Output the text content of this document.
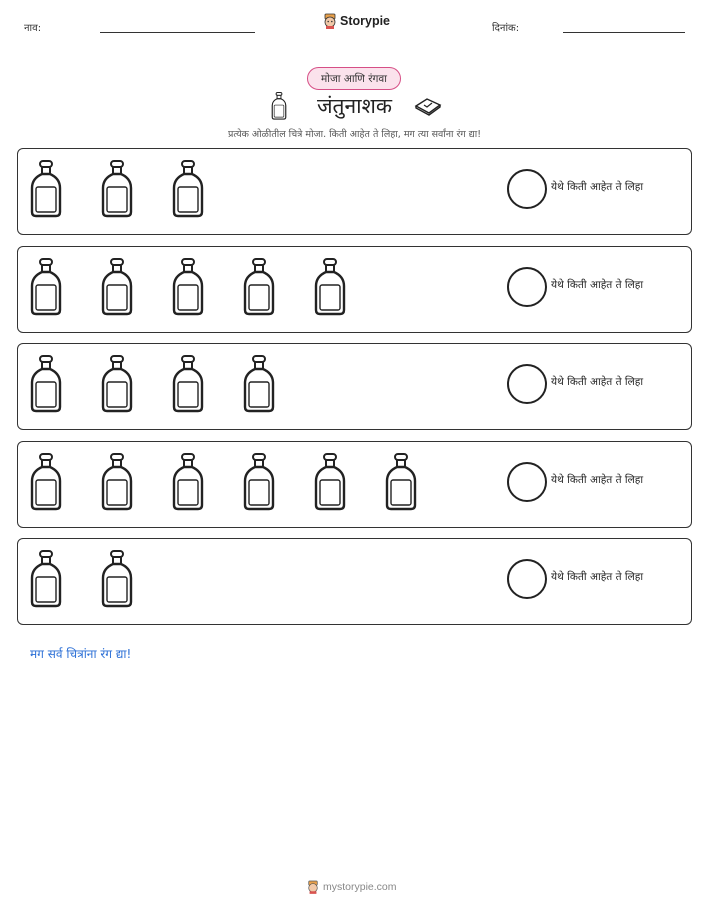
नाव:
Storypie
दिनांक:
मोजा आणि रंगवा
जंतुनाशक
प्रत्येक ओळीतील चित्रे मोजा. किती आहेत ते लिहा, मग त्या सर्वांना रंग द्या!
येथे किती आहेत ते लिहा
येथे किती आहेत ते लिहा
येथे किती आहेत ते लिहा
येथे किती आहेत ते लिहा
येथे किती आहेत ते लिहा
मग सर्व चित्रांना रंग द्या!
mystorypie.com
